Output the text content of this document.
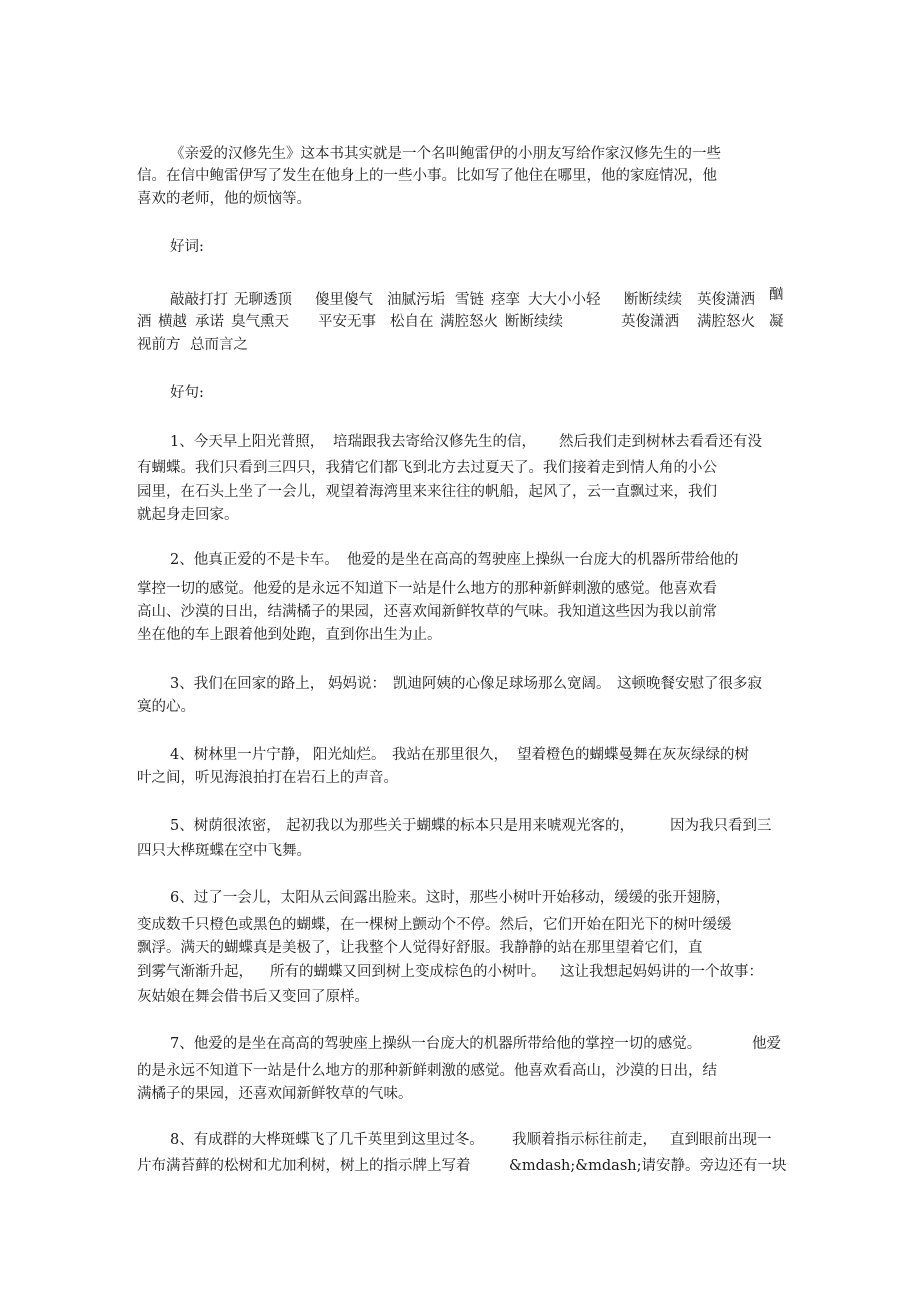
《亲爱的汉修先生》这本书其实就是一个名叫鲍雷伊的小朋友写给作家汉修先生的一些
信。在信中鲍雷伊写了发生在他身上的一些小事。比如写了他住在哪里，他的家庭情况，他
喜欢的老师，他的烦恼等。
好词:
敲敲打打 无聊透顶 傻里傻气 油腻污垢 雪链 痉挛 大大小小轻 断断续续 英俊潇洒 酗
酒 横越 承诺 臭气熏天 平安无事 松自在 满腔怒火 断断续续	英俊潇洒 满腔怒火 凝
视前方 总而言之
好句:
1、今天早上阳光普照， 培瑞跟我去寄给汉修先生的信， 然后我们走到树林去看看还有没
有蝴蝶。我们只看到三四只，我猜它们都飞到北方去过夏天了。我们接着走到情人角的小公
园里，在石头上坐了一会儿，观望着海湾里来来往往的帆船，起风了，云一直飘过来，我们
就起身走回家。
2、他真正爱的不是卡车。 他爱的是坐在高高的驾驶座上操纵一台庞大的机器所带给他的
掌控一切的感觉。他爱的是永远不知道下一站是什么地方的那种新鲜刺激的感觉。他喜欢看
高山、沙漠的日出，结满橘子的果园，还喜欢闻新鲜牧草的气味。我知道这些因为我以前常
坐在他的车上跟着他到处跑，直到你出生为止。
3、我们在回家的路上， 妈妈说： 凯迪阿姨的心像足球场那么宽阔。 这顿晚餐安慰了很多寂
寞的心。
4、树林里一片宁静， 阳光灿烂。 我站在那里很久， 望着橙色的蝴蝶曼舞在灰灰绿绿的树
叶之间，听见海浪拍打在岩石上的声音。
5、树荫很浓密， 起初我以为那些关于蝴蝶的标本只是用来唬观光客的， 因为我只看到三
四只大桦斑蝶在空中飞舞。
6、过了一会儿，太阳从云间露出脸来。这时，那些小树叶开始移动，缓缓的张开翅膀，
变成数千只橙色或黑色的蝴蝶，在一棵树上颤动个不停。然后，它们开始在阳光下的树叶缓缓
飘浮。满天的蝴蝶真是美极了，让我整个人觉得好舒服。我静静的站在那里望着它们，直
到雾气渐渐升起， 所有的蝴蝶又回到树上变成棕色的小树叶。 这让我想起妈妈讲的一个故事：
灰姑娘在舞会借书后又变回了原样。
7、他爱的是坐在高高的驾驶座上操纵一台庞大的机器所带给他的掌控一切的感觉。	他爱
的是永远不知道下一站是什么地方的那种新鲜刺激的感觉。他喜欢看高山，沙漠的日出，结
满橘子的果园，还喜欢闻新鲜牧草的气味。
8、有成群的大桦斑蝶飞了几千英里到这里过冬。 我顺着指示标往前走， 直到眼前出现一
片布满苔藓的松树和尤加利树，树上的指示牌上写着	&mdash;&mdash;请安静。旁边还有一块
